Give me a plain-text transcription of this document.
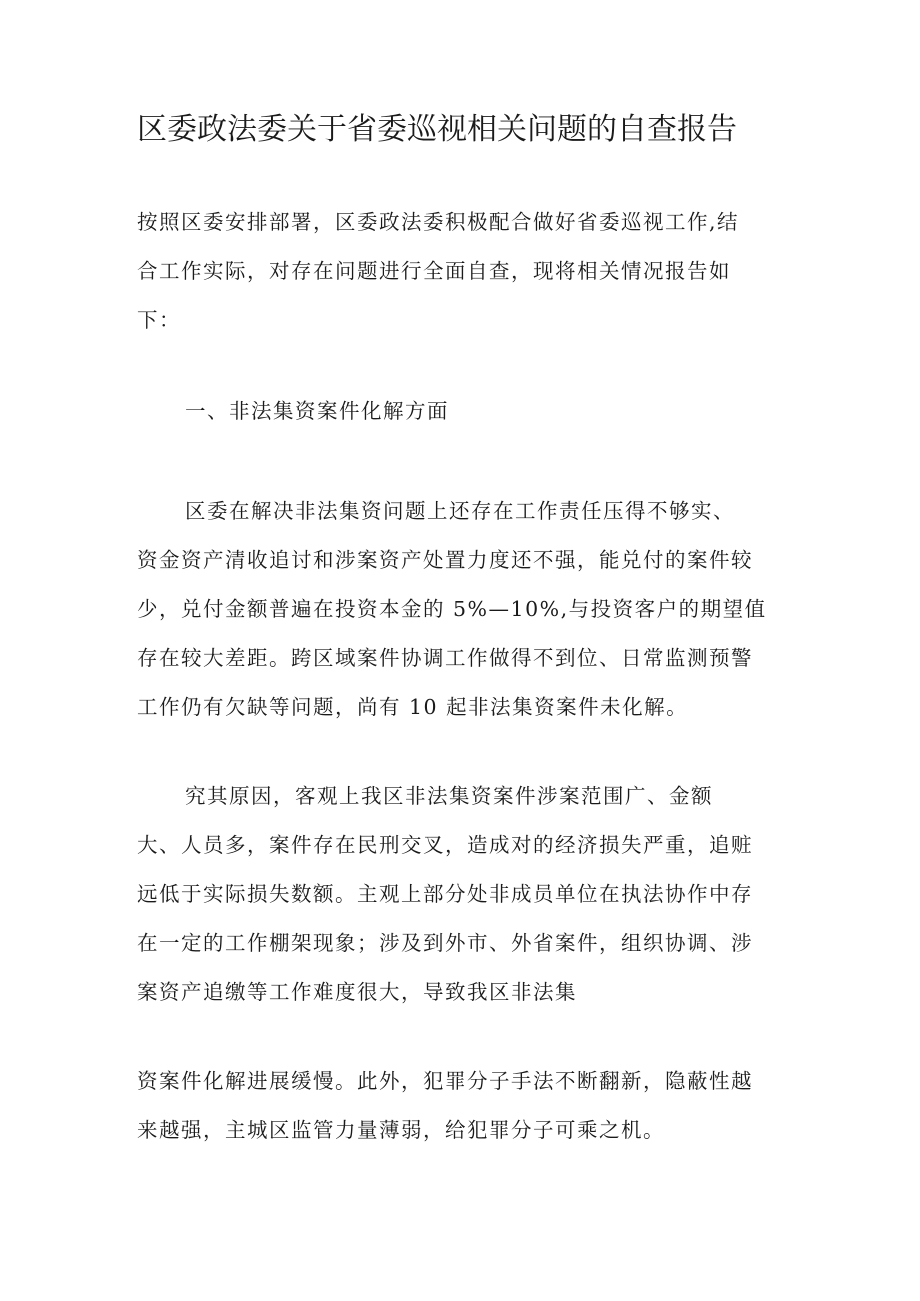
区委政法委关于省委巡视相关问题的自查报告
按照区委安排部署，区委政法委积极配合做好省委巡视工作,结
合工作实际，对存在问题进行全面自查，现将相关情况报告如
下：
一、非法集资案件化解方面
区委在解决非法集资问题上还存在工作责任压得不够实、
资金资产清收追讨和涉案资产处置力度还不强，能兑付的案件较
少，兑付金额普遍在投资本金的 5%—10%,与投资客户的期望值
存在较大差距。跨区域案件协调工作做得不到位、日常监测预警
工作仍有欠缺等问题，尚有 10 起非法集资案件未化解。
究其原因，客观上我区非法集资案件涉案范围广、金额
大、人员多，案件存在民刑交叉，造成对的经济损失严重，追赃
远低于实际损失数额。主观上部分处非成员单位在执法协作中存
在一定的工作棚架现象；涉及到外市、外省案件，组织协调、涉
案资产追缴等工作难度很大，导致我区非法集
资案件化解进展缓慢。此外，犯罪分子手法不断翻新，隐蔽性越
来越强，主城区监管力量薄弱，给犯罪分子可乘之机。
